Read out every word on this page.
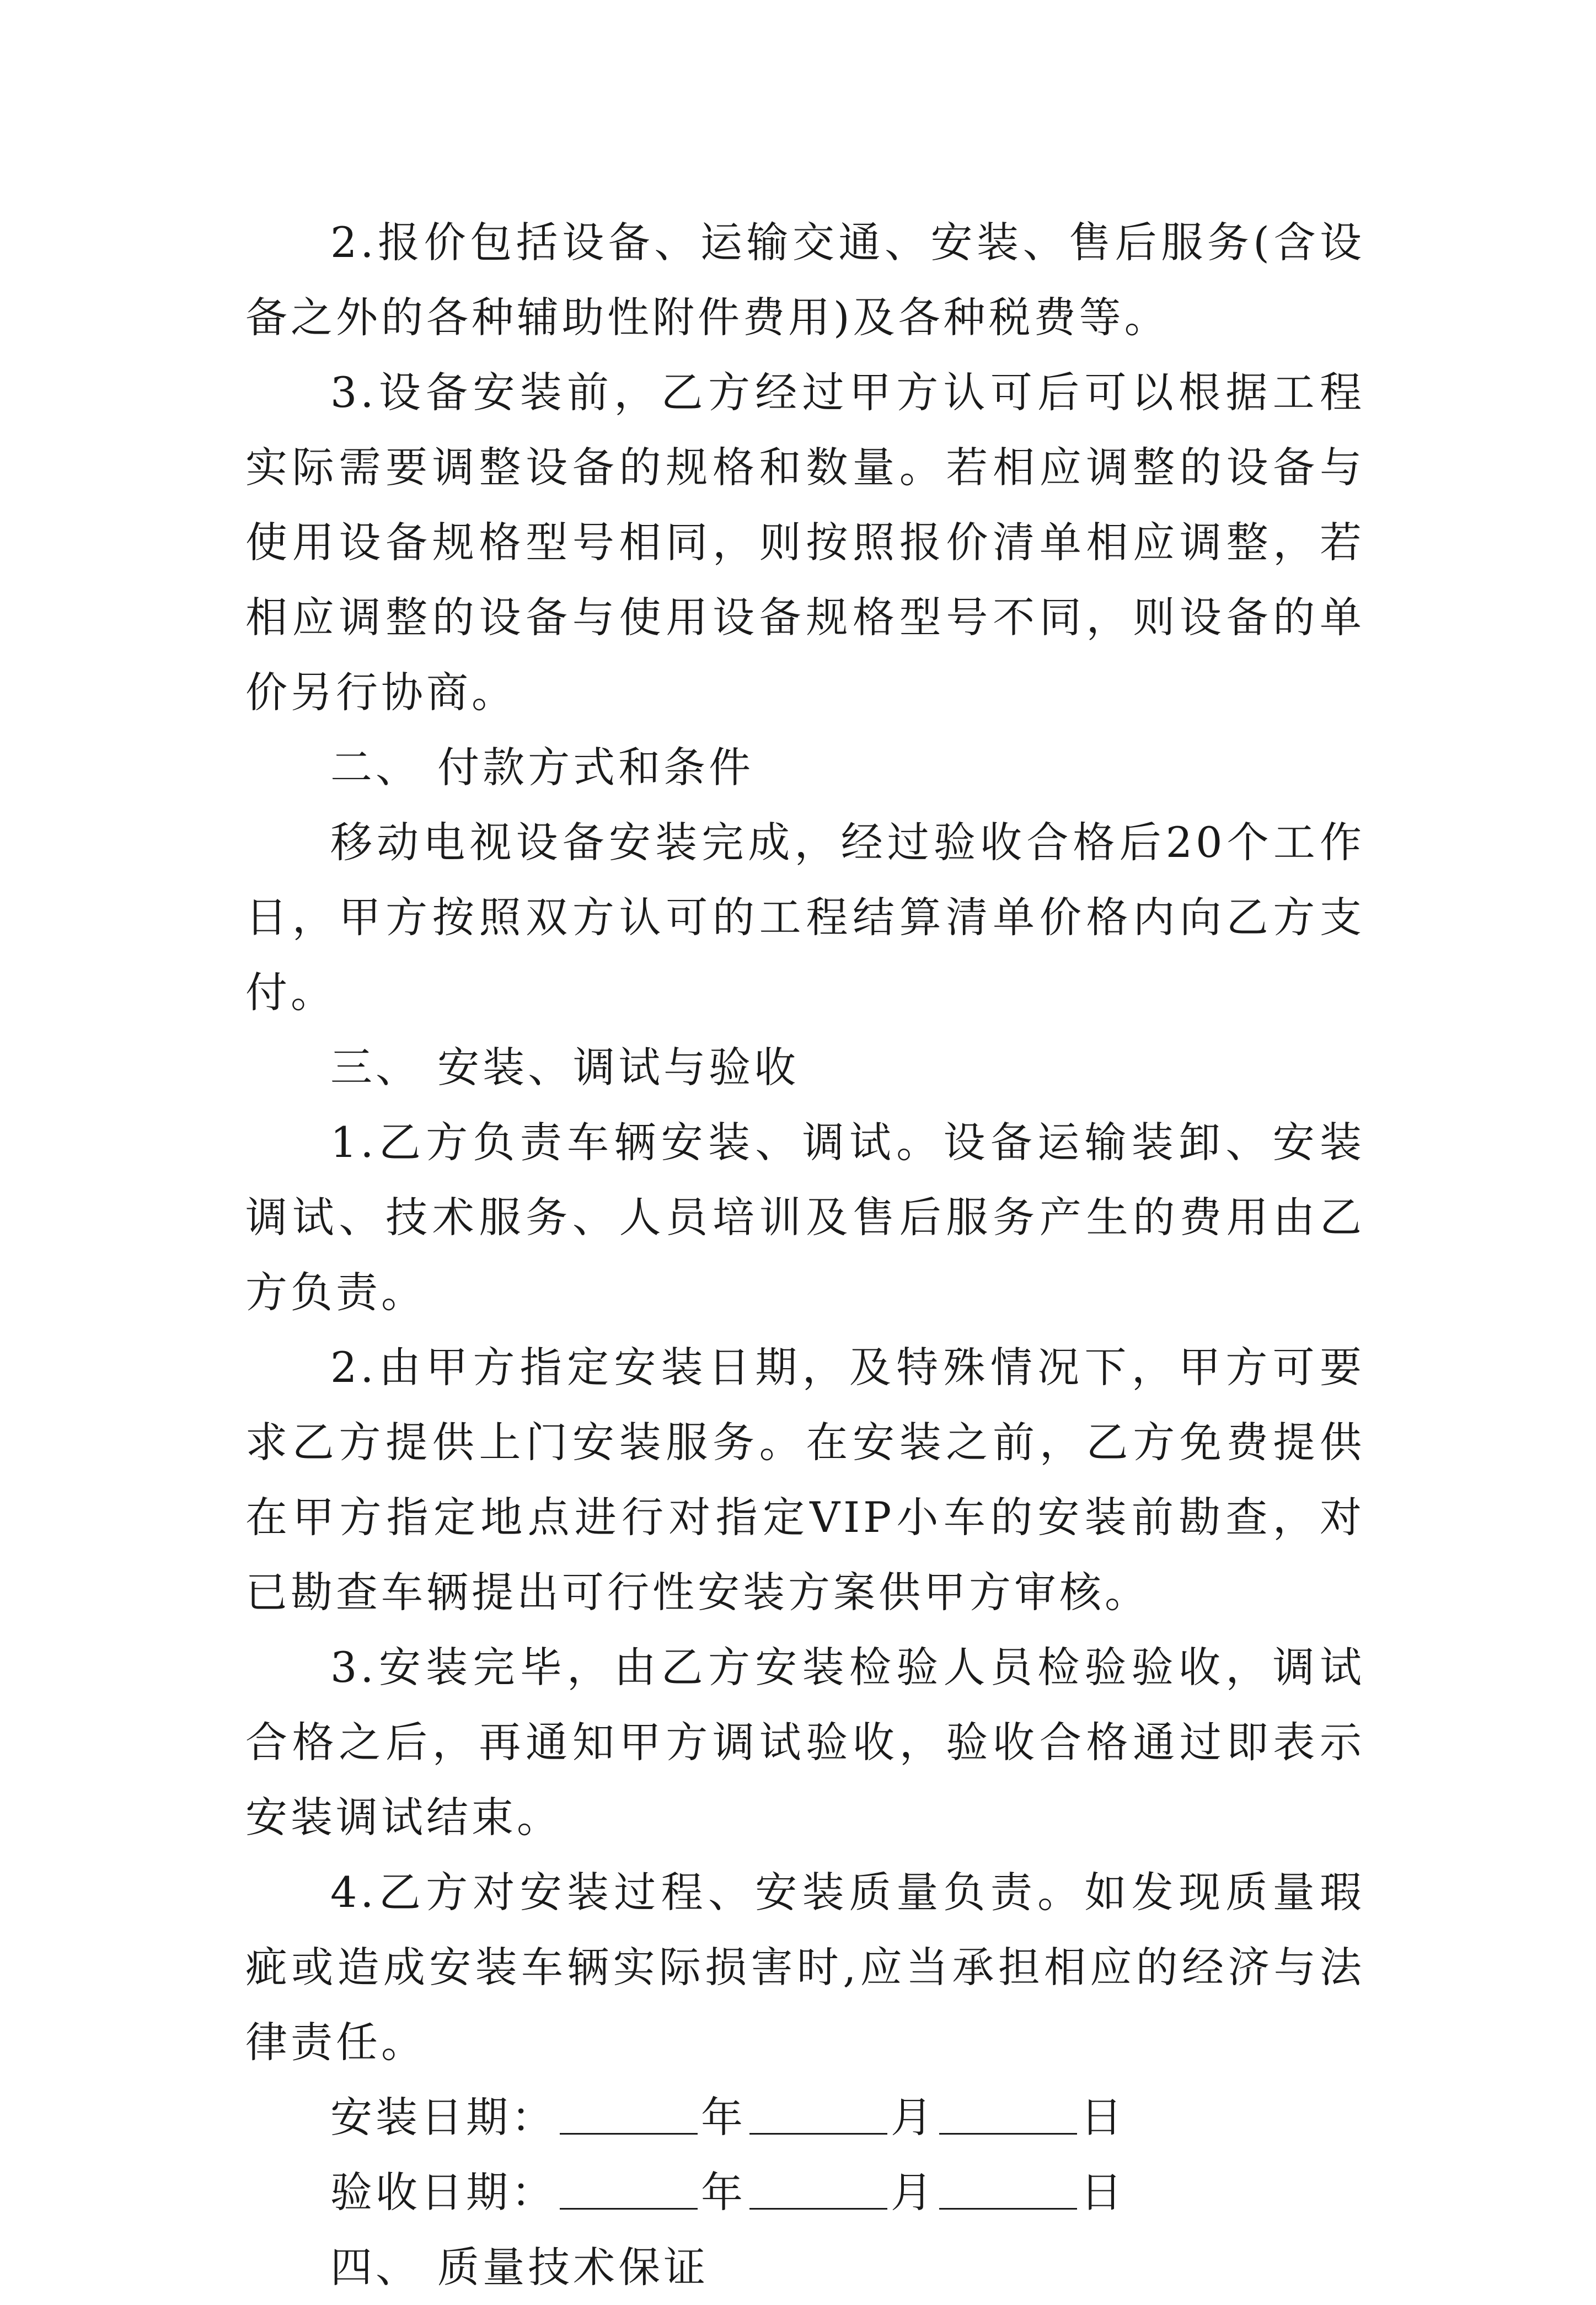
2.报价包括设备、运输交通、安装、售后服务(含设备之外的各种辅助性附件费用)及各种税费等。

3.设备安装前，乙方经过甲方认可后可以根据工程实际需要调整设备的规格和数量。若相应调整的设备与使用设备规格型号相同，则按照报价清单相应调整，若相应调整的设备与使用设备规格型号不同，则设备的单价另行协商。

二、 付款方式和条件

移动电视设备安装完成，经过验收合格后20个工作日，甲方按照双方认可的工程结算清单价格内向乙方支付。

三、 安装、调试与验收

1.乙方负责车辆安装、调试。设备运输装卸、安装调试、技术服务、人员培训及售后服务产生的费用由乙方负责。

2.由甲方指定安装日期，及特殊情况下，甲方可要求乙方提供上门安装服务。在安装之前，乙方免费提供在甲方指定地点进行对指定VIP小车的安装前勘查，对已勘查车辆提出可行性安装方案供甲方审核。

3.安装完毕，由乙方安装检验人员检验验收，调试合格之后，再通知甲方调试验收，验收合格通过即表示安装调试结束。

4.乙方对安装过程、安装质量负责。如发现质量瑕疵或造成安装车辆实际损害时,应当承担相应的经济与法律责任。

安装日期：	年	月	日

验收日期：	年	月	日

四、 质量技术保证
